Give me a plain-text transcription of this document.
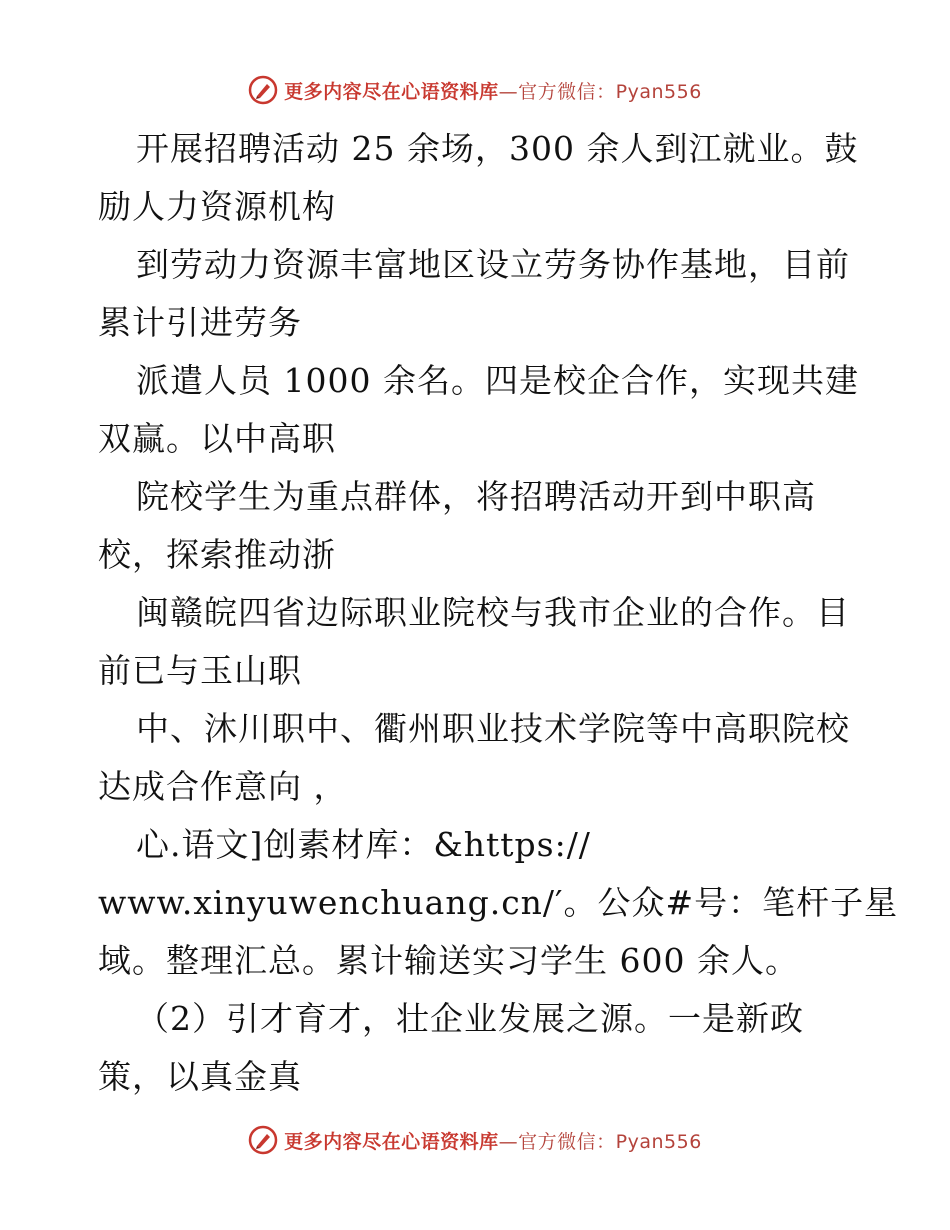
更多内容尽在心语资料库—官方微信：Pyan556
开展招聘活动 25 余场，300 余人到江就业。鼓
励人力资源机构
到劳动力资源丰富地区设立劳务协作基地，目前
累计引进劳务
派遣人员 1000 余名。四是校企合作，实现共建
双赢。以中高职
院校学生为重点群体，将招聘活动开到中职高
校，探索推动浙
闽赣皖四省边际职业院校与我市企业的合作。目
前已与玉山职
中、沐川职中、衢州职业技术学院等中高职院校
达成合作意向 ，
心.语文]创素材库：&https://
www.xinyuwenchuang.cn/′。公众#号：笔杆子星
域。整理汇总。累计输送实习学生 600 余人。
（2）引才育才，壮企业发展之源。一是新政
策，以真金真
更多内容尽在心语资料库—官方微信：Pyan556
